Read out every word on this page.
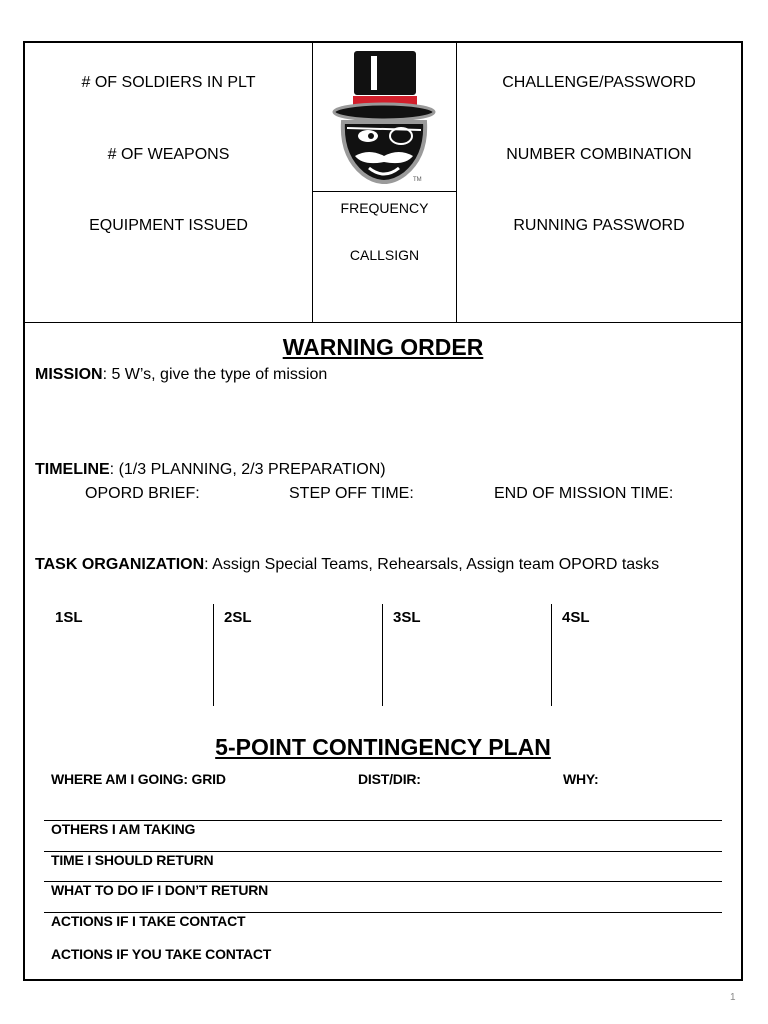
# OF SOLDIERS IN PLT
# OF WEAPONS
EQUIPMENT ISSUED
CHALLENGE/PASSWORD
NUMBER COMBINATION
RUNNING PASSWORD
TM
FREQUENCY
CALLSIGN
WARNING ORDER
MISSION: 5 W’s, give the type of mission
TIMELINE: (1/3 PLANNING, 2/3 PREPARATION)
OPORD BRIEF:	STEP OFF TIME:	END OF MISSION TIME:
TASK ORGANIZATION: Assign Special Teams, Rehearsals, Assign team OPORD tasks
1SL	2SL	3SL	4SL
5-POINT CONTINGENCY PLAN
WHERE AM I GOING: GRID	DIST/DIR:	WHY:
OTHERS I AM TAKING
TIME I SHOULD RETURN
WHAT TO DO IF I DON’T RETURN
ACTIONS IF I TAKE CONTACT
ACTIONS IF YOU TAKE CONTACT
1
